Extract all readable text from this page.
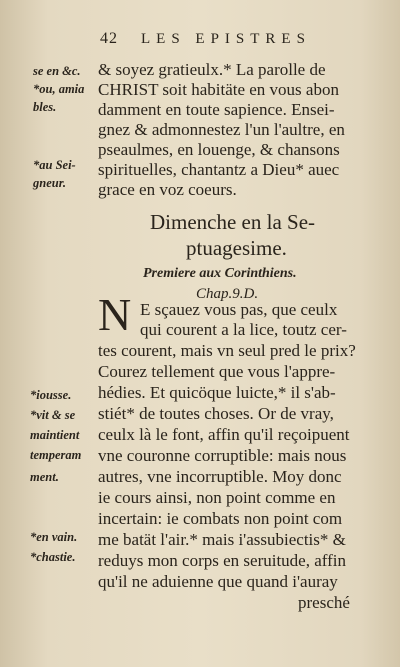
42 LES EPISTRES
se en &c.
*ou, amia
bles.
*au Sei-
gneur.
*iousse.
*vit & se
maintient
temperam
ment.
*en vain.
*chastie.
& soyez gratieulx.* La parolle de
CHRIST soit habitäte en vous abon
damment en toute sapience. Ensei-
gnez & admonnestez l'un l'aultre, en
pseaulmes, en louenge, & chansons
spirituelles, chantantz a Dieu* auec
grace en voz coeurs.
Dimenche en la Se-
ptuagesime.
Premiere aux Corinthiens.
Chap.9.D.
N E sçauez vous pas, que ceulx
qui courent a la lice, toutz cer-
tes courent, mais vn seul pred le prix?
Courez tellement que vous l'appre-
hédies. Et quicöque luicte,* il s'ab-
stiét* de toutes choses. Or de vray,
ceulx là le font, affin qu'il reçoipuent
vne couronne corruptible: mais nous
autres, vne incorruptible. Moy donc
ie cours ainsi, non point comme en
incertain: ie combats non point com
me batät l'air.* mais i'assubiectis* &
reduys mon corps en seruitude, affin
qu'il ne aduienne que quand i'auray
presché
